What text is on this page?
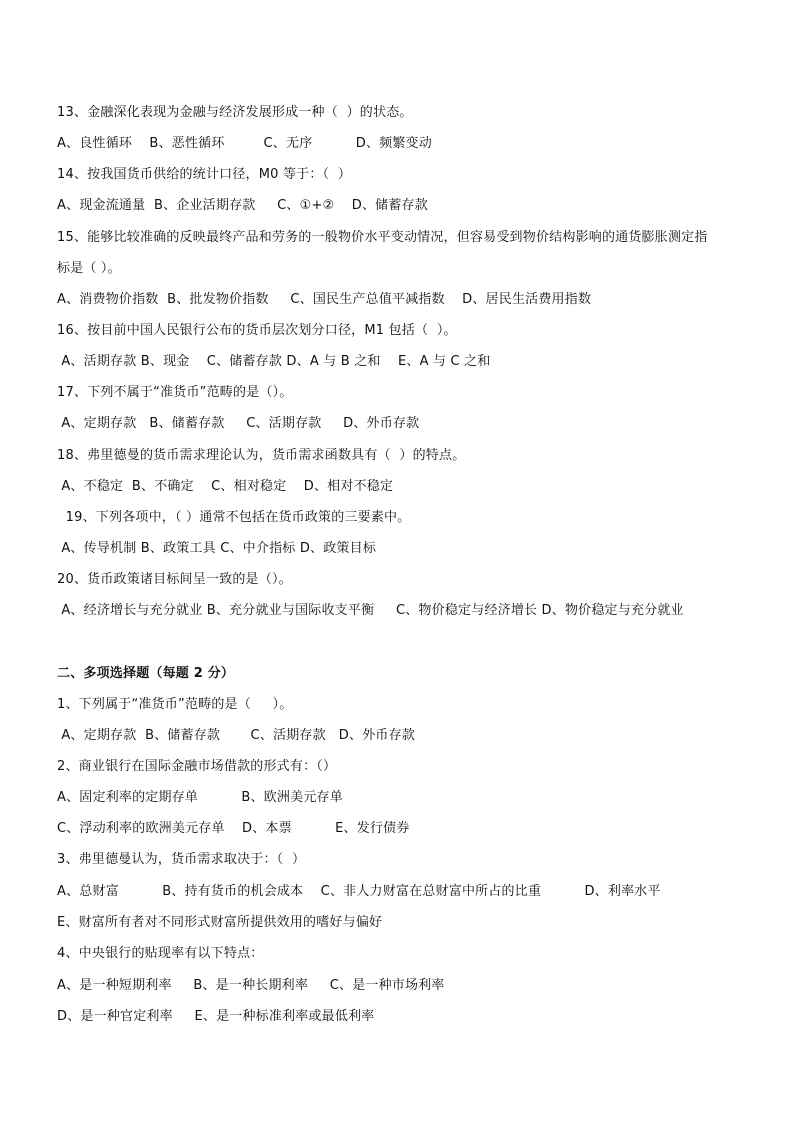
13、金融深化表现为金融与经济发展形成一种（  ）的状态。
A、良性循环    B、恶性循环         C、无序          D、频繁变动
14、按我国货币供给的统计口径，M0 等于：（  ）
A、现金流通量  B、企业活期存款     C、①+②    D、储蓄存款
15、能够比较准确的反映最终产品和劳务的一般物价水平变动情况，但容易受到物价结构影响的通货膨胀测定指
标是（ ）。
A、消费物价指数  B、批发物价指数     C、国民生产总值平减指数    D、居民生活费用指数
16、按目前中国人民银行公布的货币层次划分口径，M1 包括（  ）。
A、活期存款 B、现金    C、储蓄存款 D、A 与 B 之和    E、A 与 C 之和
17、下列不属于“准货币”范畴的是（）。
A、定期存款   B、储蓄存款     C、活期存款     D、外币存款
18、弗里德曼的货币需求理论认为，货币需求函数具有（  ）的特点。
A、不稳定  B、不确定    C、相对稳定    D、相对不稳定
19、下列各项中，（ ）通常不包括在货币政策的三要素中。
A、传导机制 B、政策工具 C、中介指标 D、政策目标
20、货币政策诸目标间呈一致的是（）。
A、经济增长与充分就业 B、充分就业与国际收支平衡     C、物价稳定与经济增长 D、物价稳定与充分就业
二、多项选择题（每题 2 分）
1、下列属于“准货币”范畴的是（     ）。
A、定期存款  B、储蓄存款       C、活期存款   D、外币存款
2、商业银行在国际金融市场借款的形式有：（）
A、固定利率的定期存单          B、欧洲美元存单
C、浮动利率的欧洲美元存单    D、本票          E、发行债券
3、弗里德曼认为，货币需求取决于：（  ）
A、总财富          B、持有货币的机会成本    C、非人力财富在总财富中所占的比重          D、利率水平
E、财富所有者对不同形式财富所提供效用的嗜好与偏好
4、中央银行的贴现率有以下特点：
A、是一种短期利率     B、是一种长期利率     C、是一种市场利率
D、是一种官定利率     E、是一种标准利率或最低利率
